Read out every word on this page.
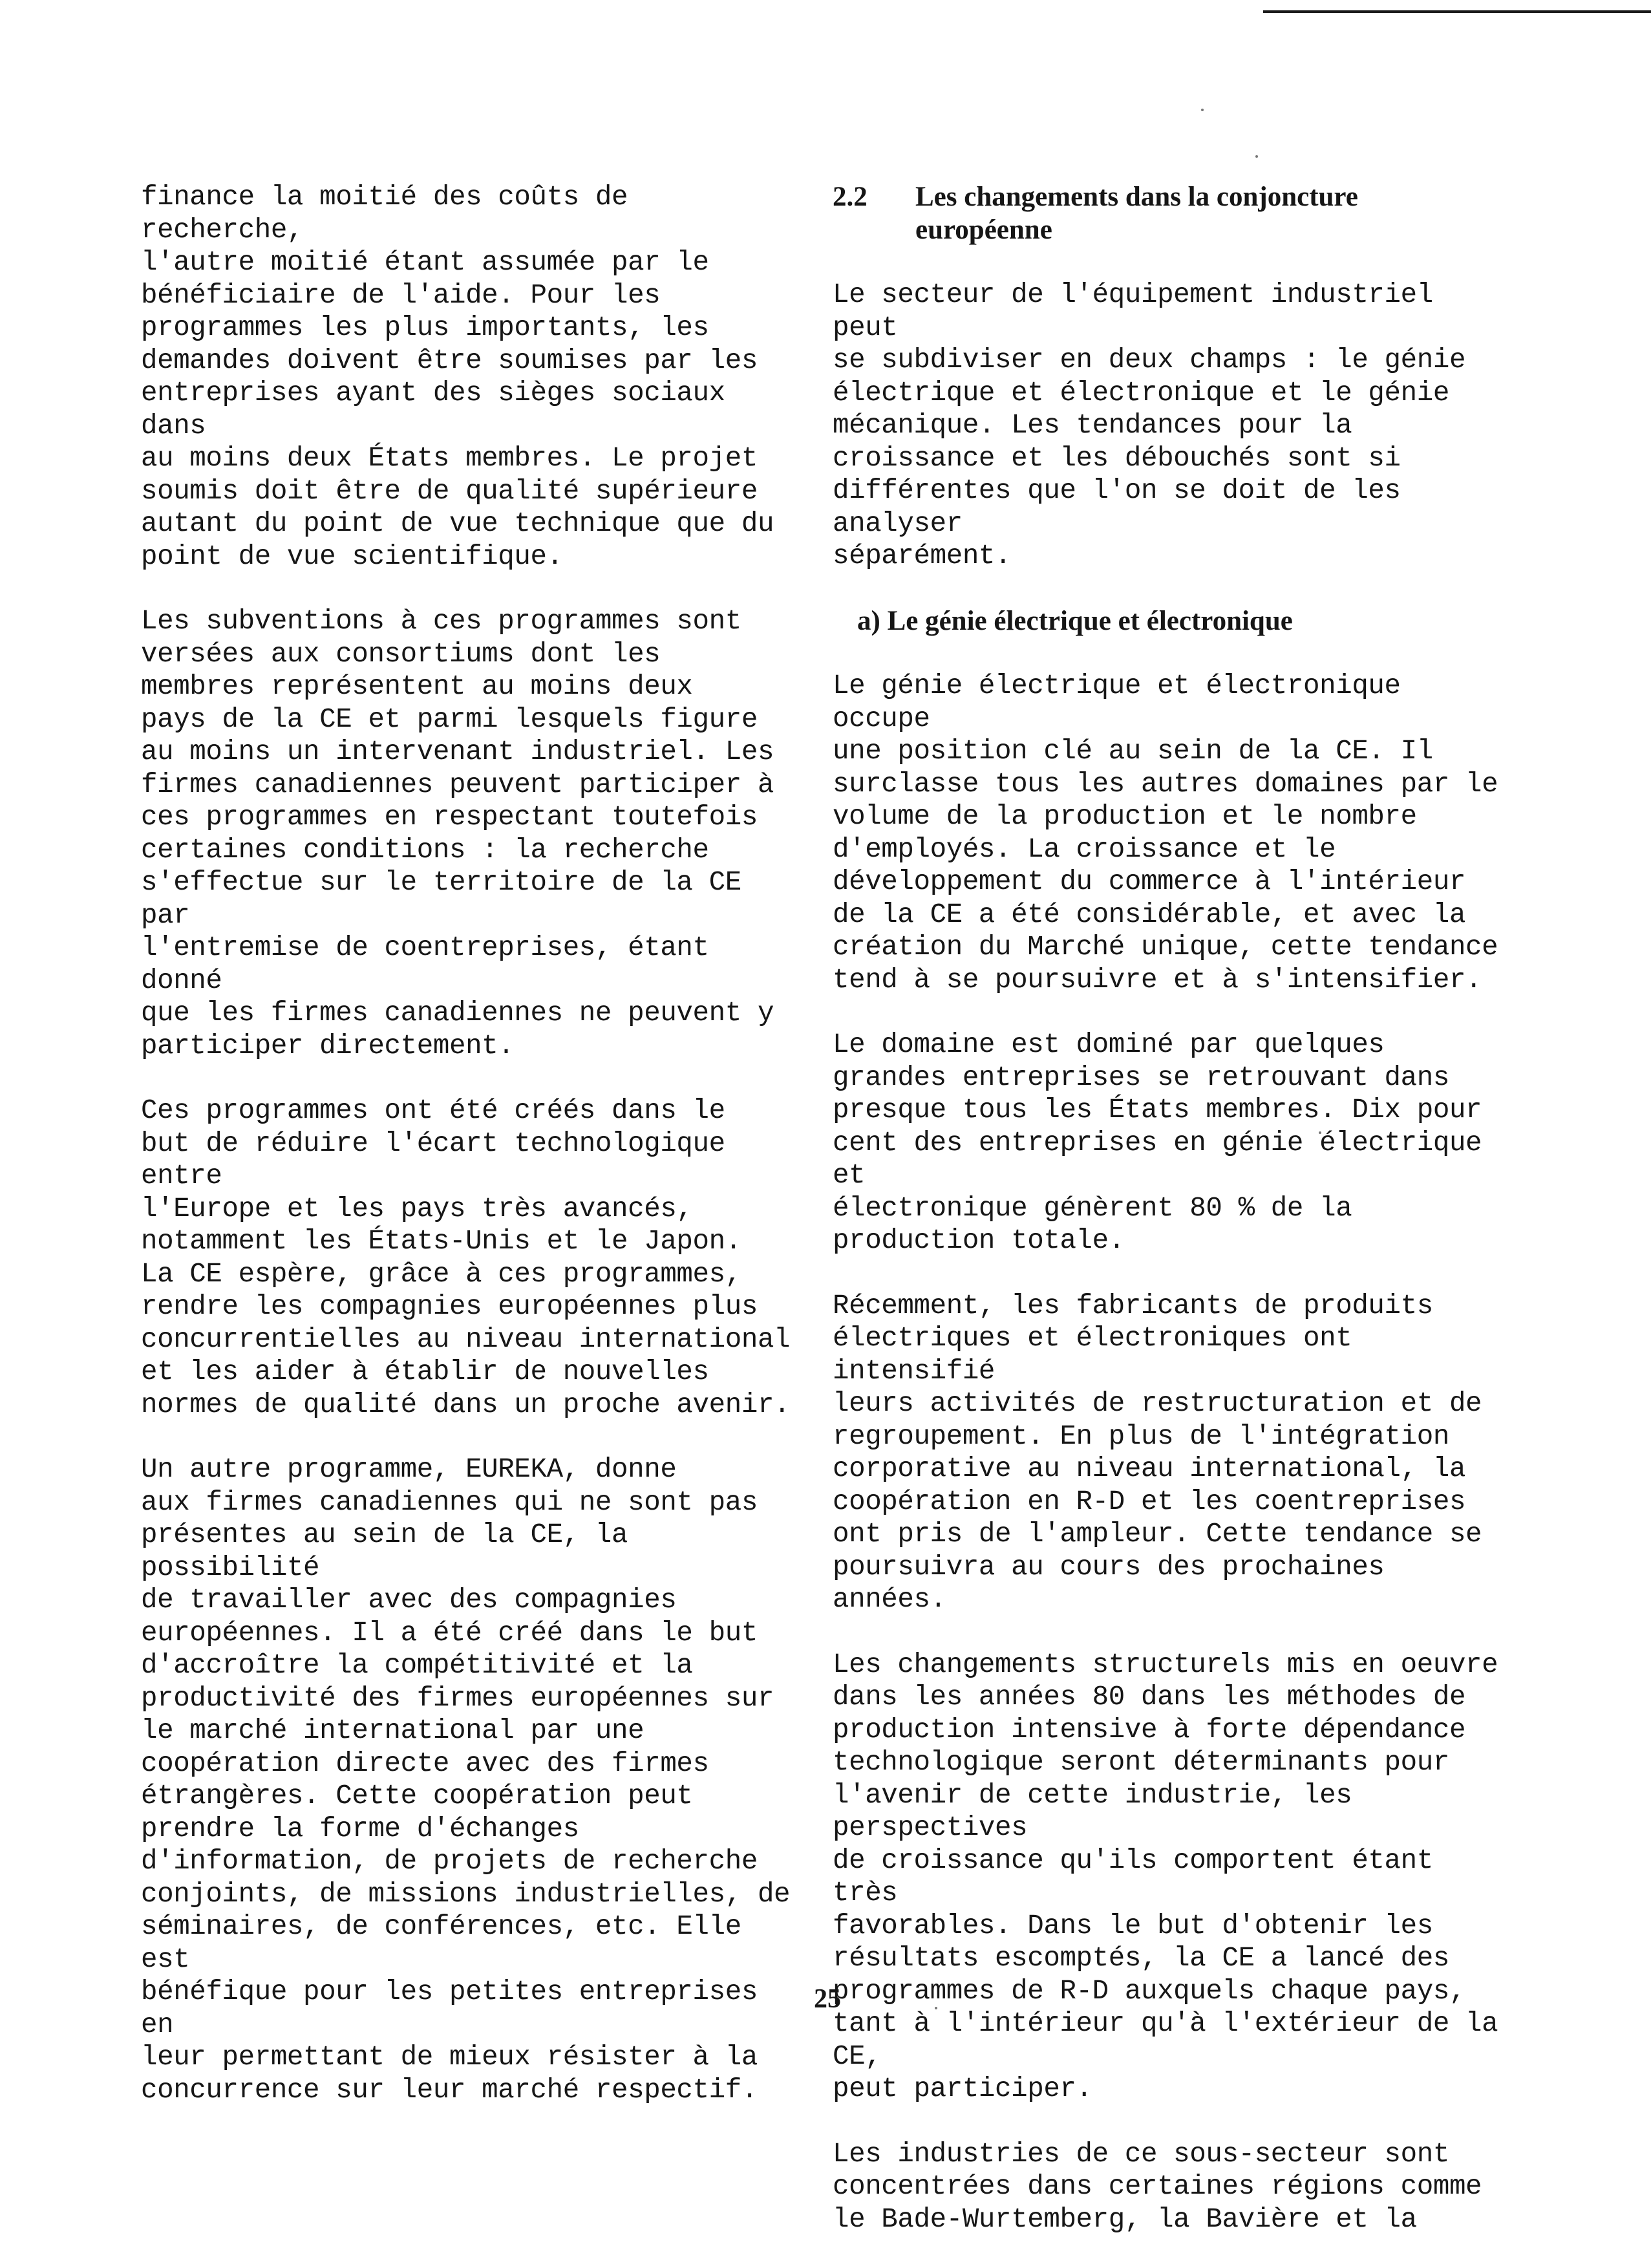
finance la moitié des coûts de recherche,
l'autre moitié étant assumée par le
bénéficiaire de l'aide. Pour les
programmes les plus importants, les
demandes doivent être soumises par les
entreprises ayant des sièges sociaux dans
au moins deux États membres. Le projet
soumis doit être de qualité supérieure
autant du point de vue technique que du
point de vue scientifique.

Les subventions à ces programmes sont
versées aux consortiums dont les
membres représentent au moins deux
pays de la CE et parmi lesquels figure
au moins un intervenant industriel. Les
firmes canadiennes peuvent participer à
ces programmes en respectant toutefois
certaines conditions : la recherche
s'effectue sur le territoire de la CE par
l'entremise de coentreprises, étant donné
que les firmes canadiennes ne peuvent y
participer directement.

Ces programmes ont été créés dans le
but de réduire l'écart technologique entre
l'Europe et les pays très avancés,
notamment les États-Unis et le Japon.
La CE espère, grâce à ces programmes,
rendre les compagnies européennes plus
concurrentielles au niveau international
et les aider à établir de nouvelles
normes de qualité dans un proche avenir.

Un autre programme, EUREKA, donne
aux firmes canadiennes qui ne sont pas
présentes au sein de la CE, la possibilité
de travailler avec des compagnies
européennes. Il a été créé dans le but
d'accroître la compétitivité et la
productivité des firmes européennes sur
le marché international par une
coopération directe avec des firmes
étrangères. Cette coopération peut
prendre la forme d'échanges
d'information, de projets de recherche
conjoints, de missions industrielles, de
séminaires, de conférences, etc. Elle est
bénéfique pour les petites entreprises en
leur permettant de mieux résister à la
concurrence sur leur marché respectif.

2.2	Les changements dans la conjoncture
européenne

Le secteur de l'équipement industriel peut
se subdiviser en deux champs : le génie
électrique et électronique et le génie
mécanique. Les tendances pour la
croissance et les débouchés sont si
différentes que l'on se doit de les analyser
séparément.

a) Le génie électrique et électronique

Le génie électrique et électronique occupe
une position clé au sein de la CE. Il
surclasse tous les autres domaines par le
volume de la production et le nombre
d'employés. La croissance et le
développement du commerce à l'intérieur
de la CE a été considérable, et avec la
création du Marché unique, cette tendance
tend à se poursuivre et à s'intensifier.

Le domaine est dominé par quelques
grandes entreprises se retrouvant dans
presque tous les États membres. Dix pour
cent des entreprises en génie électrique et
électronique génèrent 80 % de la
production totale.

Récemment, les fabricants de produits
électriques et électroniques ont intensifié
leurs activités de restructuration et de
regroupement. En plus de l'intégration
corporative au niveau international, la
coopération en R-D et les coentreprises
ont pris de l'ampleur. Cette tendance se
poursuivra au cours des prochaines années.

Les changements structurels mis en oeuvre
dans les années 80 dans les méthodes de
production intensive à forte dépendance
technologique seront déterminants pour
l'avenir de cette industrie, les perspectives
de croissance qu'ils comportent étant très
favorables. Dans le but d'obtenir les
résultats escomptés, la CE a lancé des
programmes de R-D auxquels chaque pays,
tant à l'intérieur qu'à l'extérieur de la CE,
peut participer.

Les industries de ce sous-secteur sont
concentrées dans certaines régions comme
le Bade-Wurtemberg, la Bavière et la

25
